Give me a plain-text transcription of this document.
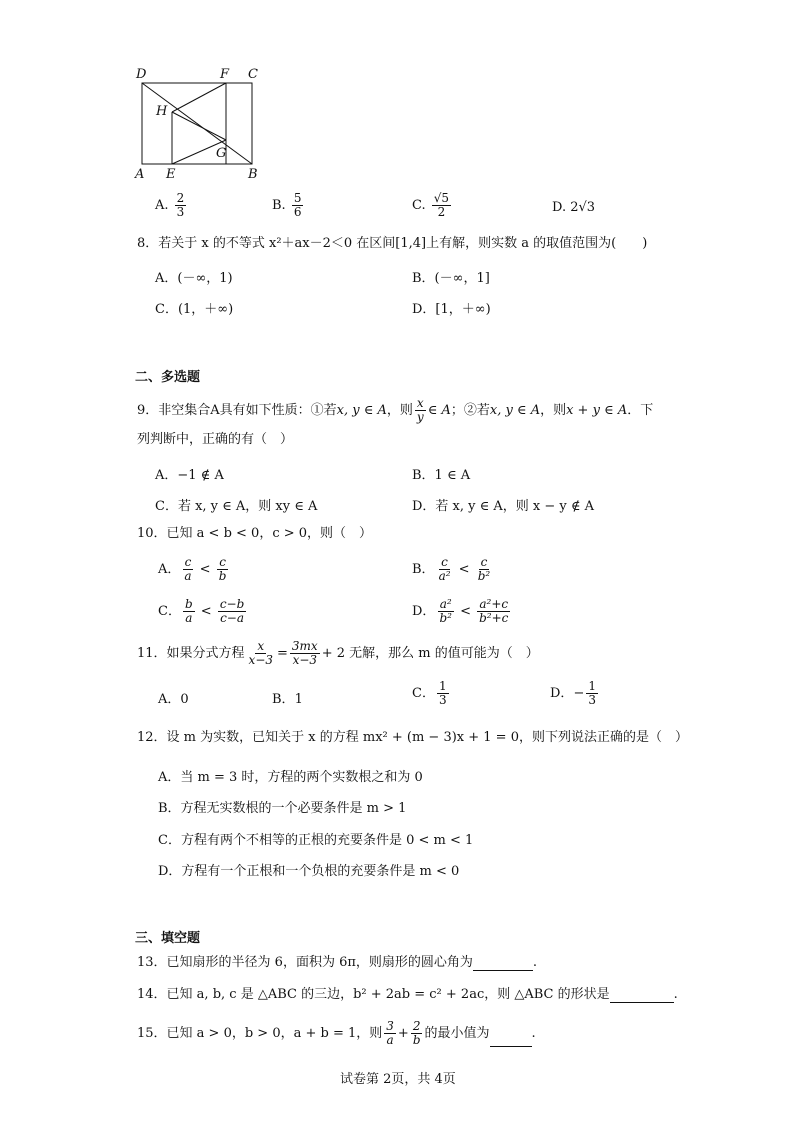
D	F C
H
G
A E	B
A. $\frac{2}{3}$	B. $\frac{5}{6}$	C. $\frac{√5}{2}$	D. 2√3
8．若关于 x 的不等式 x²＋ax－2＜0 在区间[1,4]上有解，则实数 a 的取值范围为(　　)
A．(－∞，1)	B．(－∞，1]
C．(1，＋∞)	D．[1，＋∞)
二、多选题
9．非空集合A具有如下性质：①若x, y ∈ A，则 $\frac{x}{y}$ ∈ A；②若x, y ∈ A，则x + y ∈ A．下
列判断中，正确的有（　）
A．−1 ∉ A	B．1 ∈ A
C．若 x, y ∈ A，则 xy ∈ A	D．若 x, y ∈ A，则 x − y ∉ A
10．已知 a < b < 0，c > 0，则（　）
A． $\frac{c}{a} < \frac{c}{b}$	B． $\frac{c}{\text{a²}} < \frac{c}{\text{b²}}$
C． $\frac{b}{a} < \frac{c-b}{c-a}$	D． $\frac{\text{a²}}{\text{b²}} < \frac{\text{a²+c}}{\text{b²+c}}$
11．如果分式方程 $\frac{x}{x-3} = \frac{3mx}{x-3} + 2$ 无解，那么 m 的值可能为（　）
A．0	B．1	C． $\frac{1}{3}$	D．− $\frac{1}{3}$
12．设 m 为实数，已知关于 x 的方程 mx² + (m − 3)x + 1 = 0，则下列说法正确的是（　）
A．当 m = 3 时，方程的两个实数根之和为 0
B．方程无实数根的一个必要条件是 m > 1
C．方程有两个不相等的正根的充要条件是 0 < m < 1
D．方程有一个正根和一个负根的充要条件是 m < 0
三、填空题
13．已知扇形的半径为 6，面积为 6π，则扇形的圆心角为	.
14．已知 a, b, c 是 △ABC 的三边，b² + 2ab = c² + 2ac，则 △ABC 的形状是	.
15．已知 a > 0，b > 0，a + b = 1，则 $\frac{3}{a} + \frac{2}{b}$ 的最小值为	.
试卷第 2页，共 4页
